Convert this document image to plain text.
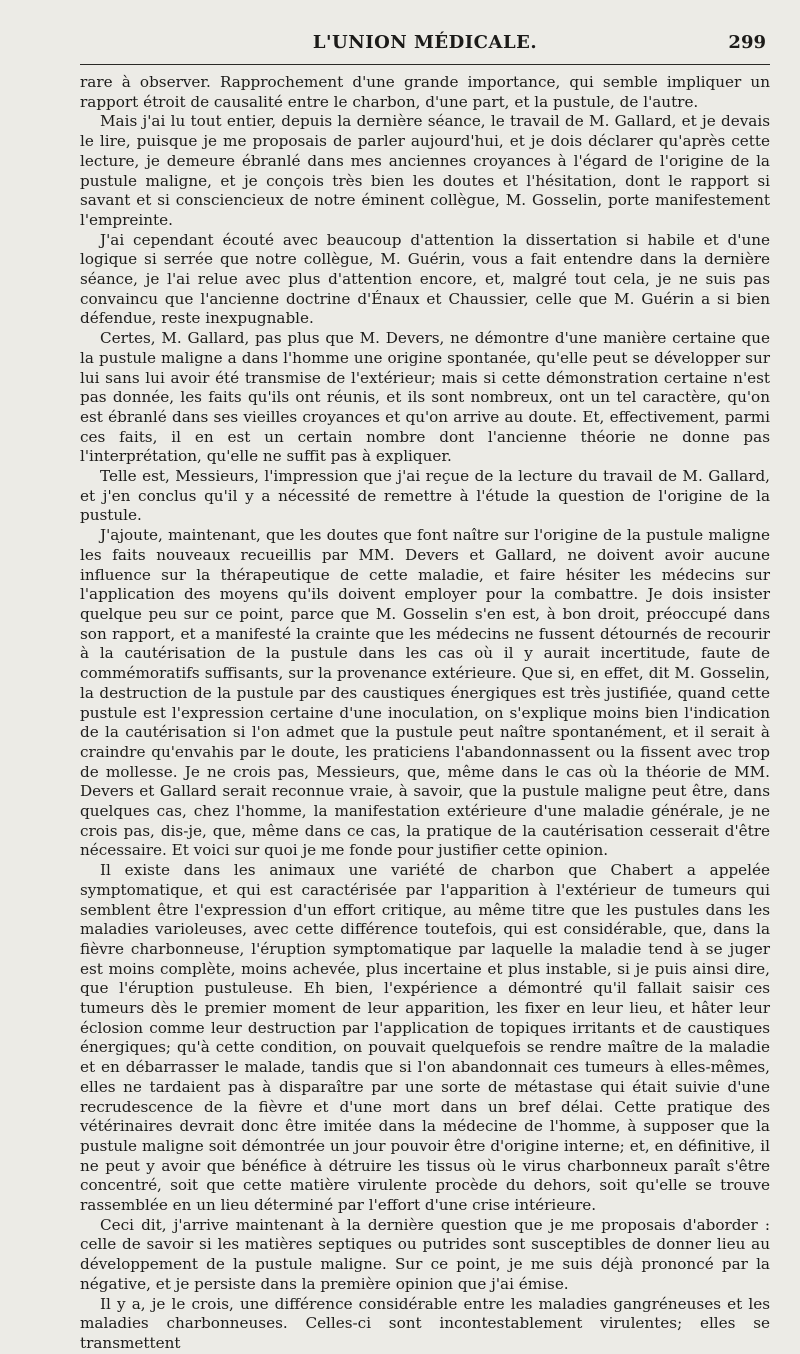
L'UNION MÉDICALE.	299

rare à observer. Rapprochement d'une grande importance, qui semble impliquer un rapport étroit de causalité entre le charbon, d'une part, et la pustule, de l'autre.

Mais j'ai lu tout entier, depuis la dernière séance, le travail de M. Gallard, et je devais le lire, puisque je me proposais de parler aujourd'hui, et je dois déclarer qu'après cette lecture, je demeure ébranlé dans mes anciennes croyances à l'égard de l'origine de la pustule maligne, et je conçois très bien les doutes et l'hésitation, dont le rapport si savant et si consciencieux de notre éminent collègue, M. Gosselin, porte manifestement l'empreinte.

J'ai cependant écouté avec beaucoup d'attention la dissertation si habile et d'une logique si serrée que notre collègue, M. Guérin, vous a fait entendre dans la dernière séance, je l'ai relue avec plus d'attention encore, et, malgré tout cela, je ne suis pas convaincu que l'ancienne doctrine d'Énaux et Chaussier, celle que M. Guérin a si bien défendue, reste inexpugnable.

Certes, M. Gallard, pas plus que M. Devers, ne démontre d'une manière certaine que la pustule maligne a dans l'homme une origine spontanée, qu'elle peut se développer sur lui sans lui avoir été transmise de l'extérieur; mais si cette démonstration certaine n'est pas donnée, les faits qu'ils ont réunis, et ils sont nombreux, ont un tel caractère, qu'on est ébranlé dans ses vieilles croyances et qu'on arrive au doute. Et, effectivement, parmi ces faits, il en est un certain nombre dont l'ancienne théorie ne donne pas l'interprétation, qu'elle ne suffit pas à expliquer.

Telle est, Messieurs, l'impression que j'ai reçue de la lecture du travail de M. Gallard, et j'en conclus qu'il y a nécessité de remettre à l'étude la question de l'origine de la pustule.

J'ajoute, maintenant, que les doutes que font naître sur l'origine de la pustule maligne les faits nouveaux recueillis par MM. Devers et Gallard, ne doivent avoir aucune influence sur la thérapeutique de cette maladie, et faire hésiter les médecins sur l'application des moyens qu'ils doivent employer pour la combattre. Je dois insister quelque peu sur ce point, parce que M. Gosselin s'en est, à bon droit, préoccupé dans son rapport, et a manifesté la crainte que les médecins ne fussent détournés de recourir à la cautérisation de la pustule dans les cas où il y aurait incertitude, faute de commémoratifs suffisants, sur la provenance extérieure. Que si, en effet, dit M. Gosselin, la destruction de la pustule par des caustiques énergiques est très justifiée, quand cette pustule est l'expression certaine d'une inoculation, on s'explique moins bien l'indication de la cautérisation si l'on admet que la pustule peut naître spontanément, et il serait à craindre qu'envahis par le doute, les praticiens l'abandonnassent ou la fissent avec trop de mollesse. Je ne crois pas, Messieurs, que, même dans le cas où la théorie de MM. Devers et Gallard serait reconnue vraie, à savoir, que la pustule maligne peut être, dans quelques cas, chez l'homme, la manifestation extérieure d'une maladie générale, je ne crois pas, dis-je, que, même dans ce cas, la pratique de la cautérisation cesserait d'être nécessaire. Et voici sur quoi je me fonde pour justifier cette opinion.

Il existe dans les animaux une variété de charbon que Chabert a appelée symptomatique, et qui est caractérisée par l'apparition à l'extérieur de tumeurs qui semblent être l'expression d'un effort critique, au même titre que les pustules dans les maladies varioleuses, avec cette différence toutefois, qui est considérable, que, dans la fièvre charbonneuse, l'éruption symptomatique par laquelle la maladie tend à se juger est moins complète, moins achevée, plus incertaine et plus instable, si je puis ainsi dire, que l'éruption pustuleuse. Eh bien, l'expérience a démontré qu'il fallait saisir ces tumeurs dès le premier moment de leur apparition, les fixer en leur lieu, et hâter leur éclosion comme leur destruction par l'application de topiques irritants et de caustiques énergiques; qu'à cette condition, on pouvait quelquefois se rendre maître de la maladie et en débarrasser le malade, tandis que si l'on abandonnait ces tumeurs à elles-mêmes, elles ne tardaient pas à disparaître par une sorte de métastase qui était suivie d'une recrudescence de la fièvre et d'une mort dans un bref délai. Cette pratique des vétérinaires devrait donc être imitée dans la médecine de l'homme, à supposer que la pustule maligne soit démontrée un jour pouvoir être d'origine interne; et, en définitive, il ne peut y avoir que bénéfice à détruire les tissus où le virus charbonneux paraît s'être concentré, soit que cette matière virulente procède du dehors, soit qu'elle se trouve rassemblée en un lieu déterminé par l'effort d'une crise intérieure.

Ceci dit, j'arrive maintenant à la dernière question que je me proposais d'aborder : celle de savoir si les matières septiques ou putrides sont susceptibles de donner lieu au développement de la pustule maligne. Sur ce point, je me suis déjà prononcé par la négative, et je persiste dans la première opinion que j'ai émise.

Il y a, je le crois, une différence considérable entre les maladies gangréneuses et les maladies charbonneuses. Celles-ci sont incontestablement virulentes; elles se transmettent
